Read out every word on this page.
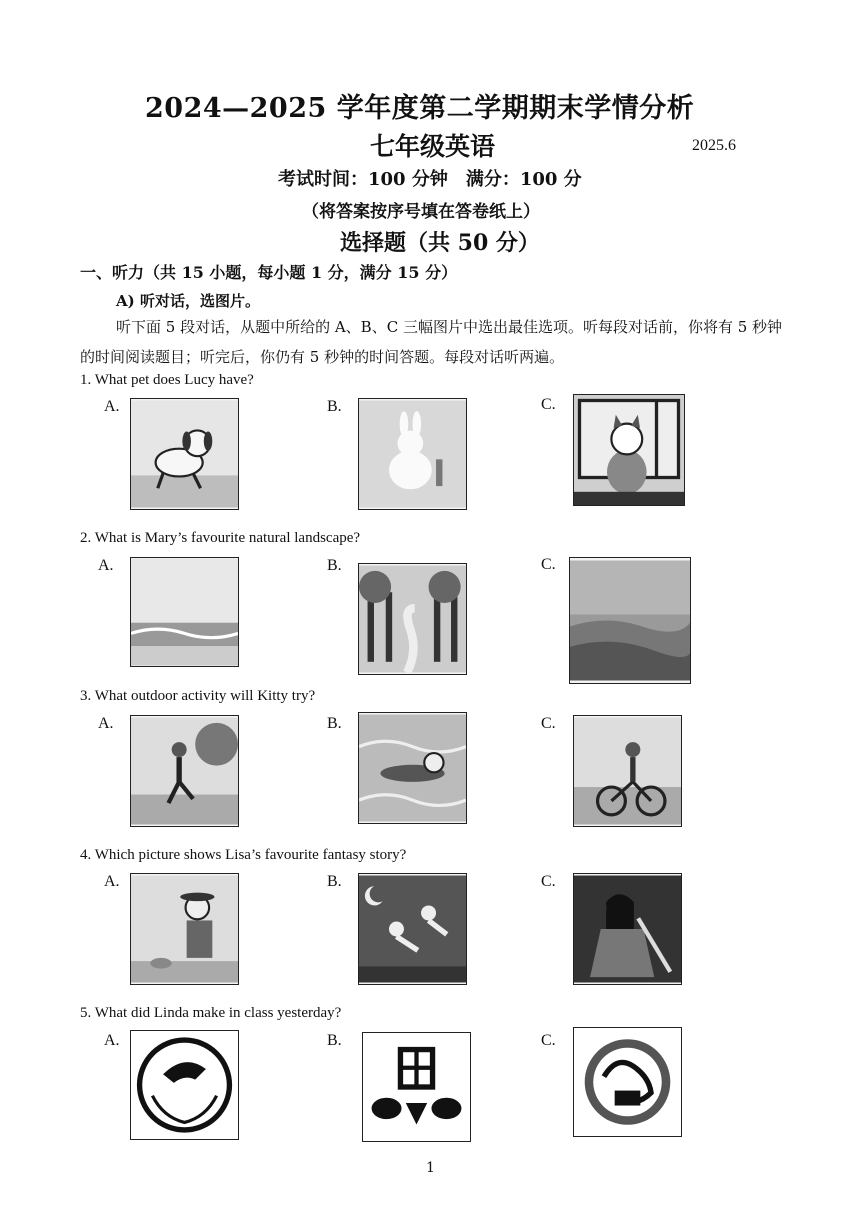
2024—2025 学年度第二学期期末学情分析
七年级英语	2025.6
考试时间：100 分钟　满分：100 分
（将答案按序号填在答卷纸上）
选择题（共 50 分）
一、听力（共 15 小题，每小题 1 分，满分 15 分）
A) 听对话，选图片。
听下面 5 段对话，从题中所给的 A、B、C 三幅图片中选出最佳选项。听每段对话前，你将有 5 秒钟的时间阅读题目；听完后，你仍有 5 秒钟的时间答题。每段对话听两遍。
1. What pet does Lucy have?
A.	B.	C.
2. What is Mary’s favourite natural landscape?
A.	B.	C.
3. What outdoor activity will Kitty try?
A.	B.	C.
4. Which picture shows Lisa’s favourite fantasy story?
A.	B.	C.
5. What did Linda make in class yesterday?
A.	B.	C.
1
